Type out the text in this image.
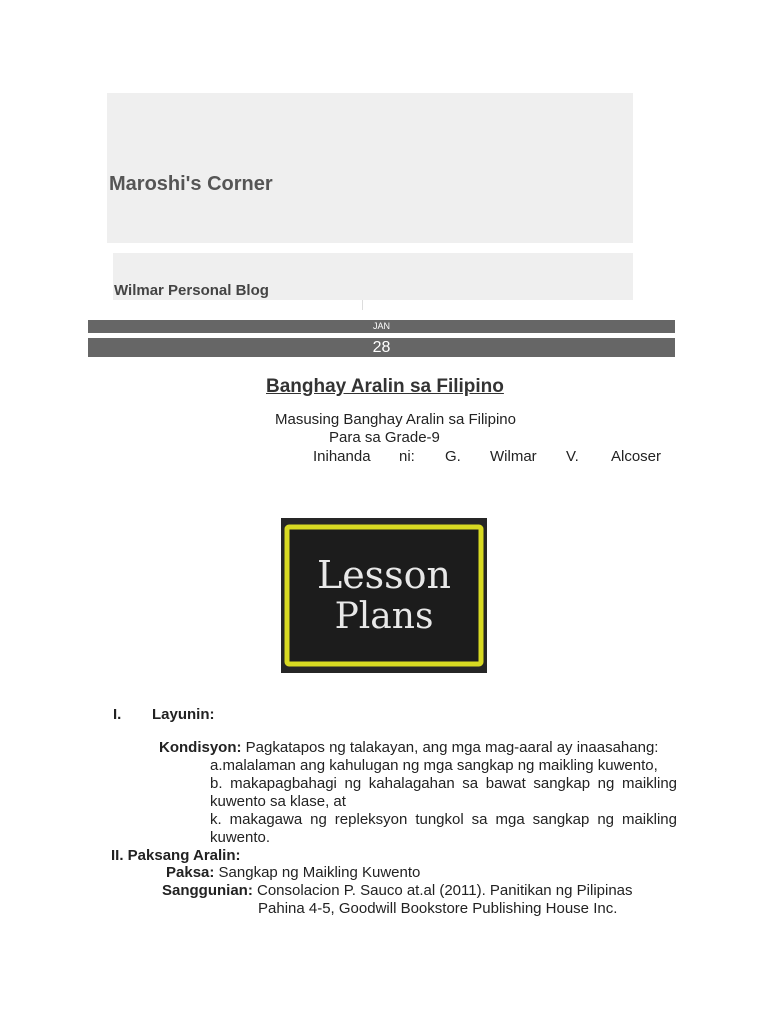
Maroshi's Corner
Wilmar Personal Blog
JAN
28
Banghay Aralin sa Filipino
Masusing Banghay Aralin sa Filipino
Para sa Grade-9
Inihanda ni: G. Wilmar V. Alcoser
Lesson
Plans
I. Layunin:
Kondisyon: Pagkatapos ng talakayan, ang mga mag-aaral ay inaasahang:
a.malalaman ang kahulugan ng mga sangkap ng maikling kuwento,
b. makapagbahagi ng kahalagahan sa bawat sangkap ng maikling
kuwento sa klase, at
k. makagawa ng repleksyon tungkol sa mga sangkap ng maikling
kuwento.
II. Paksang Aralin:
Paksa: Sangkap ng Maikling Kuwento
Sanggunian: Consolacion P. Sauco at.al (2011). Panitikan ng Pilipinas
Pahina 4-5, Goodwill Bookstore Publishing House Inc.
